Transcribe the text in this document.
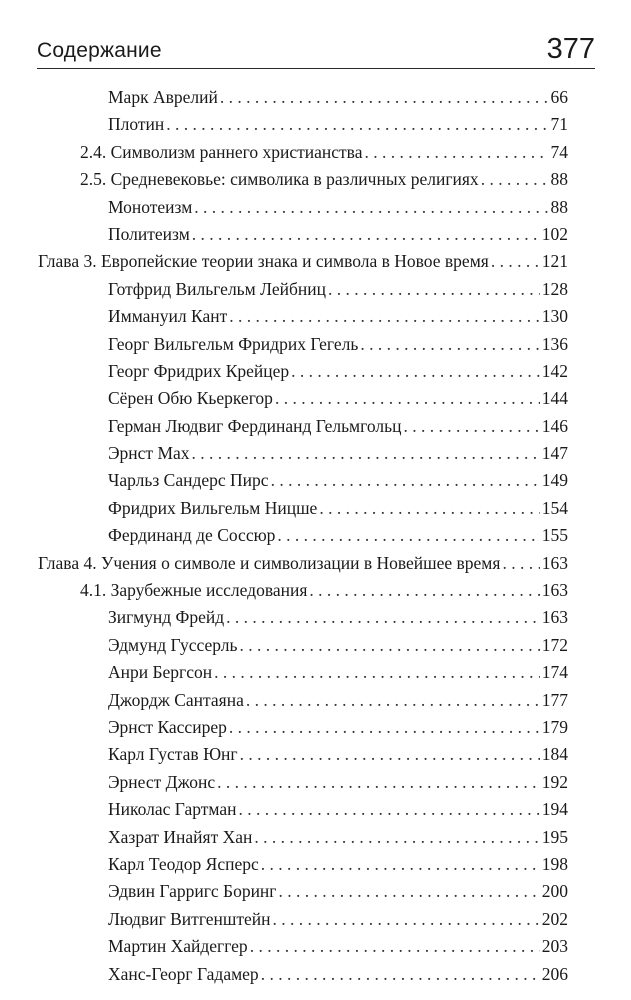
Содержание	377
Марк Аврелий . . .	66
Плотин . . .	71
2.4. Символизм раннего христианства . . .	74
2.5. Средневековье: символика в различных религиях . . .	88
Монотеизм . . .	88
Политеизм . . .	102
Глава 3. Европейские теории знака и символа в Новое время . . .	121
Готфрид Вильгельм Лейбниц . . .	128
Иммануил Кант . . .	130
Георг Вильгельм Фридрих Гегель . . .	136
Георг Фридрих Крейцер . . .	142
Сёрен Обю Кьеркегор . . .	144
Герман Людвиг Фердинанд Гельмгольц . . .	146
Эрнст Мах . . .	147
Чарльз Сандерс Пирс . . .	149
Фридрих Вильгельм Ницше . . .	154
Фердинанд де Соссюр . . .	155
Глава 4. Учения о символе и символизации в Новейшее время . . . 163
4.1. Зарубежные исследования . . .	163
Зигмунд Фрейд . . .	163
Эдмунд Гуссерль . . .	172
Анри Бергсон . . .	174
Джордж Сантаяна . . .	177
Эрнст Кассирер . . .	179
Карл Густав Юнг . . .	184
Эрнест Джонс . . .	192
Николас Гартман . . .	194
Хазрат Инайят Хан . . .	195
Карл Теодор Ясперс . . .	198
Эдвин Гарригс Боринг . . .	200
Людвиг Витгенштейн . . .	202
Мартин Хайдеггер . . .	203
Ханс-Георг Гадамер . . .	206
